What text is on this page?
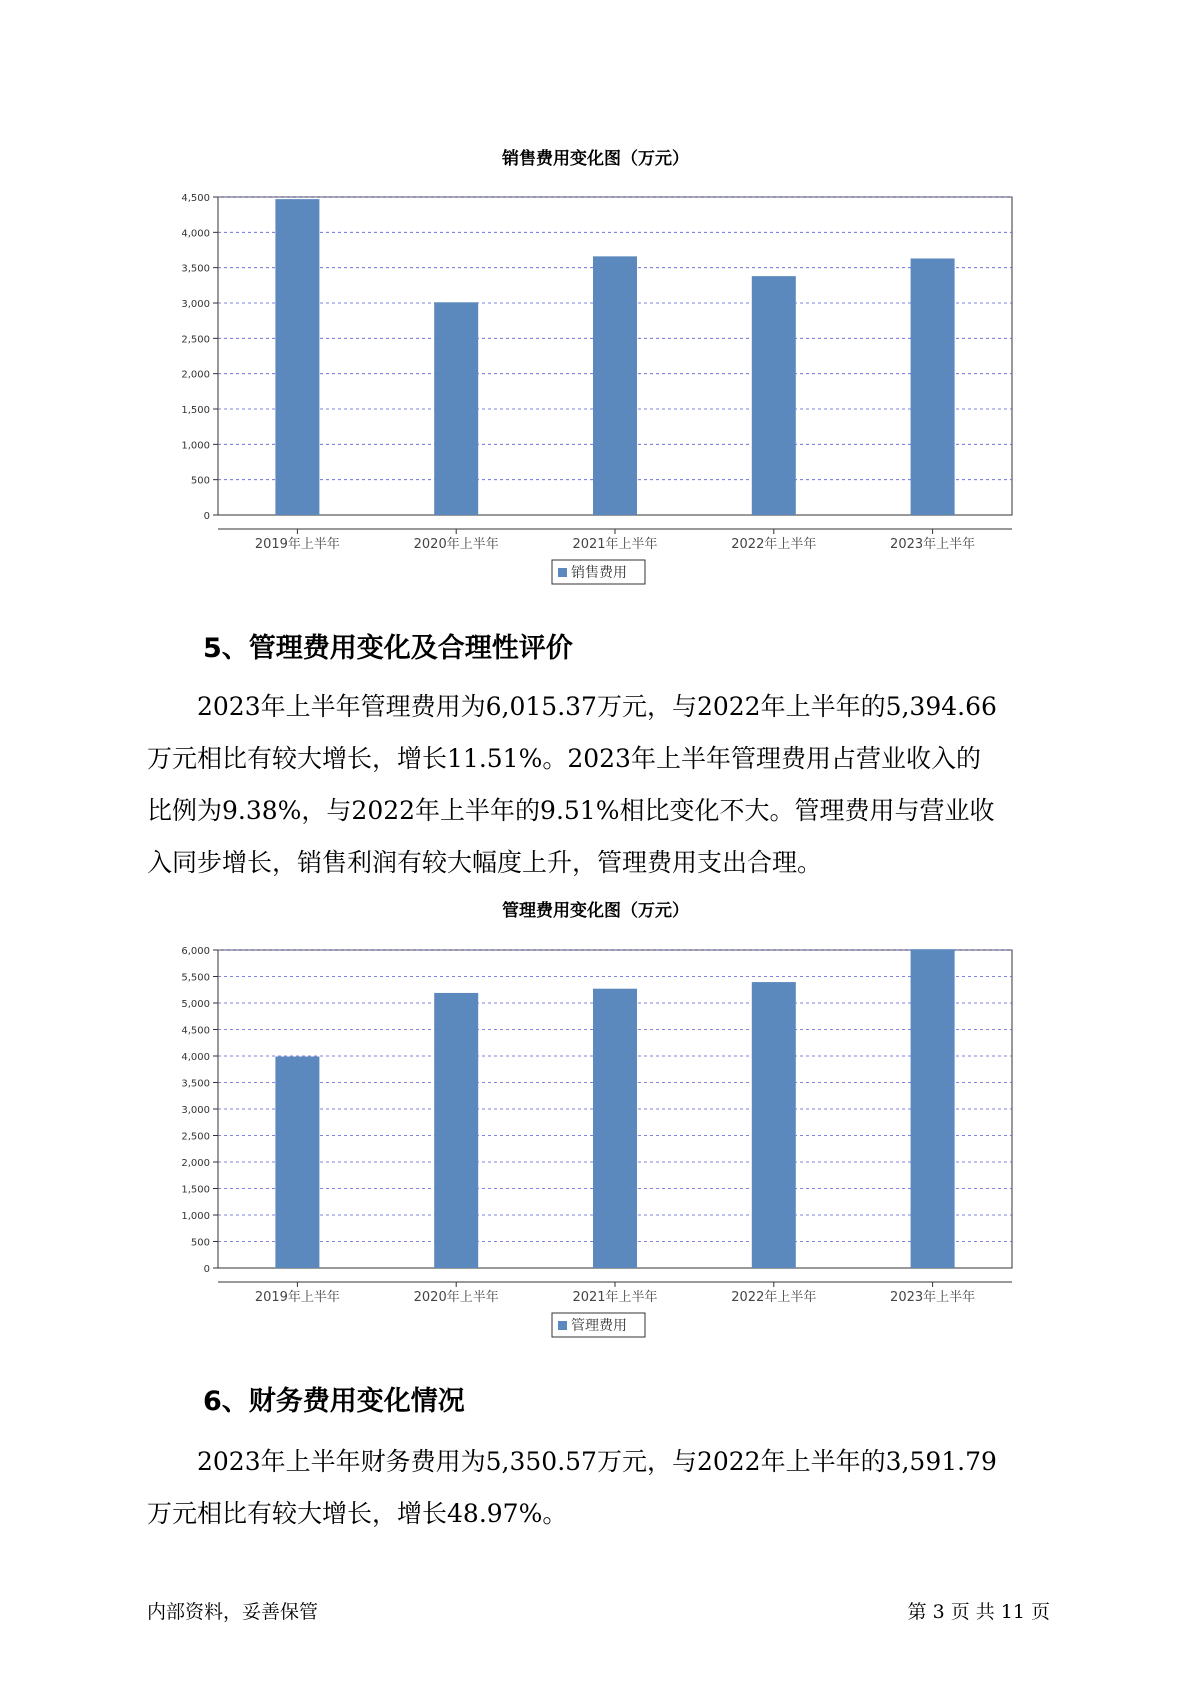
销售费用变化图（万元）
0
500
1,000
1,500
2,000
2,500
3,000
3,500
4,000
4,500
2019年上半年	2020年上半年	2021年上半年	2022年上半年	2023年上半年
销售费用
5、管理费用变化及合理性评价

2023年上半年管理费用为6,015.37万元，与2022年上半年的5,394.66
万元相比有较大增长，增长11.51%。2023年上半年管理费用占营业收入的
比例为9.38%，与2022年上半年的9.51%相比变化不大。管理费用与营业收
入同步增长，销售利润有较大幅度上升，管理费用支出合理。

管理费用变化图（万元）
0
500
1,000
1,500
2,000
2,500
3,000
3,500
4,000
4,500
5,000
5,500
6,000
2019年上半年	2020年上半年	2021年上半年	2022年上半年	2023年上半年
管理费用
6、财务费用变化情况

2023年上半年财务费用为5,350.57万元，与2022年上半年的3,591.79
万元相比有较大增长，增长48.97%。

内部资料，妥善保管	第 3 页 共 11 页
